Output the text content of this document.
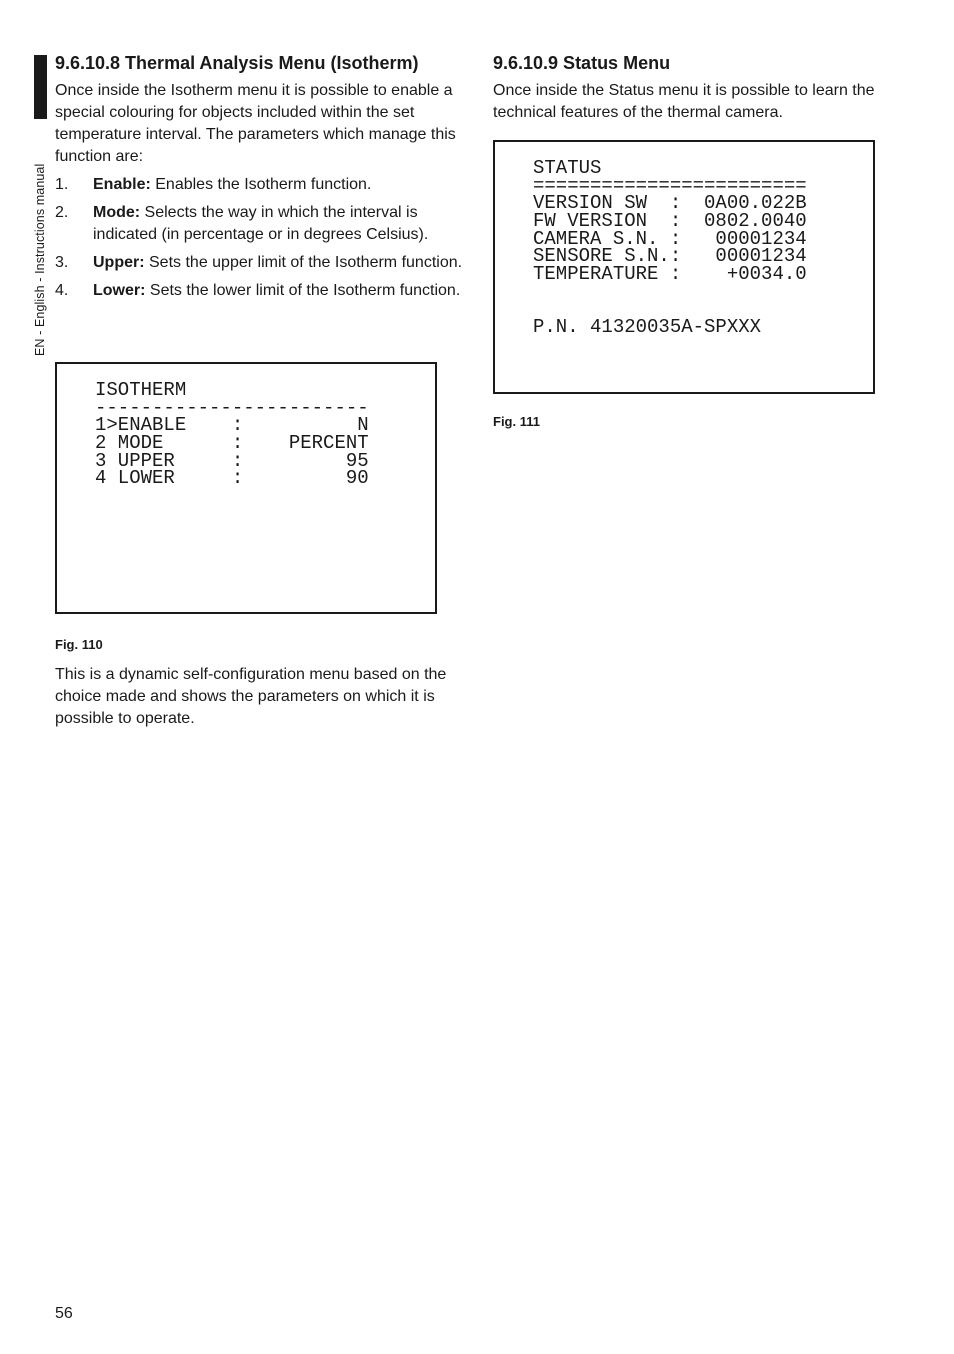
EN - English - Instructions manual
9.6.10.8 Thermal Analysis Menu (Isotherm)

Once inside the Isotherm menu it is possible to enable a special colouring for objects included within the set temperature interval. The parameters which manage this function are:

1. Enable: Enables the Isotherm function.
2. Mode: Selects the way in which the interval is indicated (in percentage or in degrees Celsius).
3. Upper: Sets the upper limit of the Isotherm function.
4. Lower: Sets the lower limit of the Isotherm function.
ISOTHERM
------------------------
1>ENABLE    :          N
2 MODE      :    PERCENT
3 UPPER     :         95
4 LOWER     :         90
Fig. 110

This is a dynamic self-configuration menu based on the choice made and shows the parameters on which it is possible to operate.

9.6.10.9 Status Menu

Once inside the Status menu it is possible to learn the technical features of the thermal camera.

STATUS
========================
VERSION SW  :  0A00.022B
FW VERSION  :  0802.0040
CAMERA S.N. :   00001234
SENSORE S.N.:   00001234
TEMPERATURE :    +0034.0
P.N. 41320035A-SPXXX
Fig. 111
56
